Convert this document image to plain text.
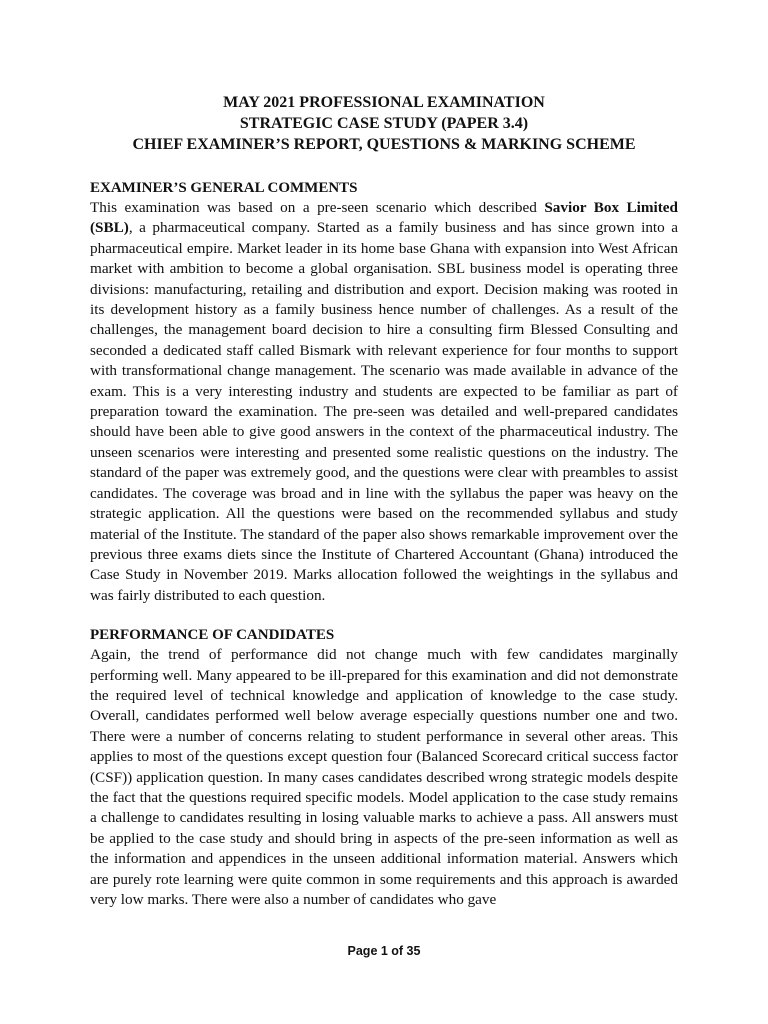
MAY 2021 PROFESSIONAL EXAMINATION
STRATEGIC CASE STUDY (PAPER 3.4)
CHIEF EXAMINER’S REPORT, QUESTIONS & MARKING SCHEME
EXAMINER’S GENERAL COMMENTS

This examination was based on a pre-seen scenario which described Savior Box Limited (SBL), a pharmaceutical company. Started as a family business and has since grown into a pharmaceutical empire. Market leader in its home base Ghana with expansion into West African market with ambition to become a global organisation. SBL business model is operating three divisions: manufacturing, retailing and distribution and export. Decision making was rooted in its development history as a family business hence number of challenges. As a result of the challenges, the management board decision to hire a consulting firm Blessed Consulting and seconded a dedicated staff called Bismark with relevant experience for four months to support with transformational change management. The scenario was made available in advance of the exam. This is a very interesting industry and students are expected to be familiar as part of preparation toward the examination. The pre-seen was detailed and well-prepared candidates should have been able to give good answers in the context of the pharmaceutical industry. The unseen scenarios were interesting and presented some realistic questions on the industry. The standard of the paper was extremely good, and the questions were clear with preambles to assist candidates. The coverage was broad and in line with the syllabus the paper was heavy on the strategic application. All the questions were based on the recommended syllabus and study material of the Institute. The standard of the paper also shows remarkable improvement over the previous three exams diets since the Institute of Chartered Accountant (Ghana) introduced the Case Study in November 2019. Marks allocation followed the weightings in the syllabus and was fairly distributed to each question.

PERFORMANCE OF CANDIDATES

Again, the trend of performance did not change much with few candidates marginally performing well. Many appeared to be ill-prepared for this examination and did not demonstrate the required level of technical knowledge and application of knowledge to the case study. Overall, candidates performed well below average especially questions number one and two. There were a number of concerns relating to student performance in several other areas. This applies to most of the questions except question four (Balanced Scorecard critical success factor (CSF)) application question. In many cases candidates described wrong strategic models despite the fact that the questions required specific models. Model application to the case study remains a challenge to candidates resulting in losing valuable marks to achieve a pass. All answers must be applied to the case study and should bring in aspects of the pre-seen information as well as the information and appendices in the unseen additional information material. Answers which are purely rote learning were quite common in some requirements and this approach is awarded very low marks. There were also a number of candidates who gave

Page 1 of 35
